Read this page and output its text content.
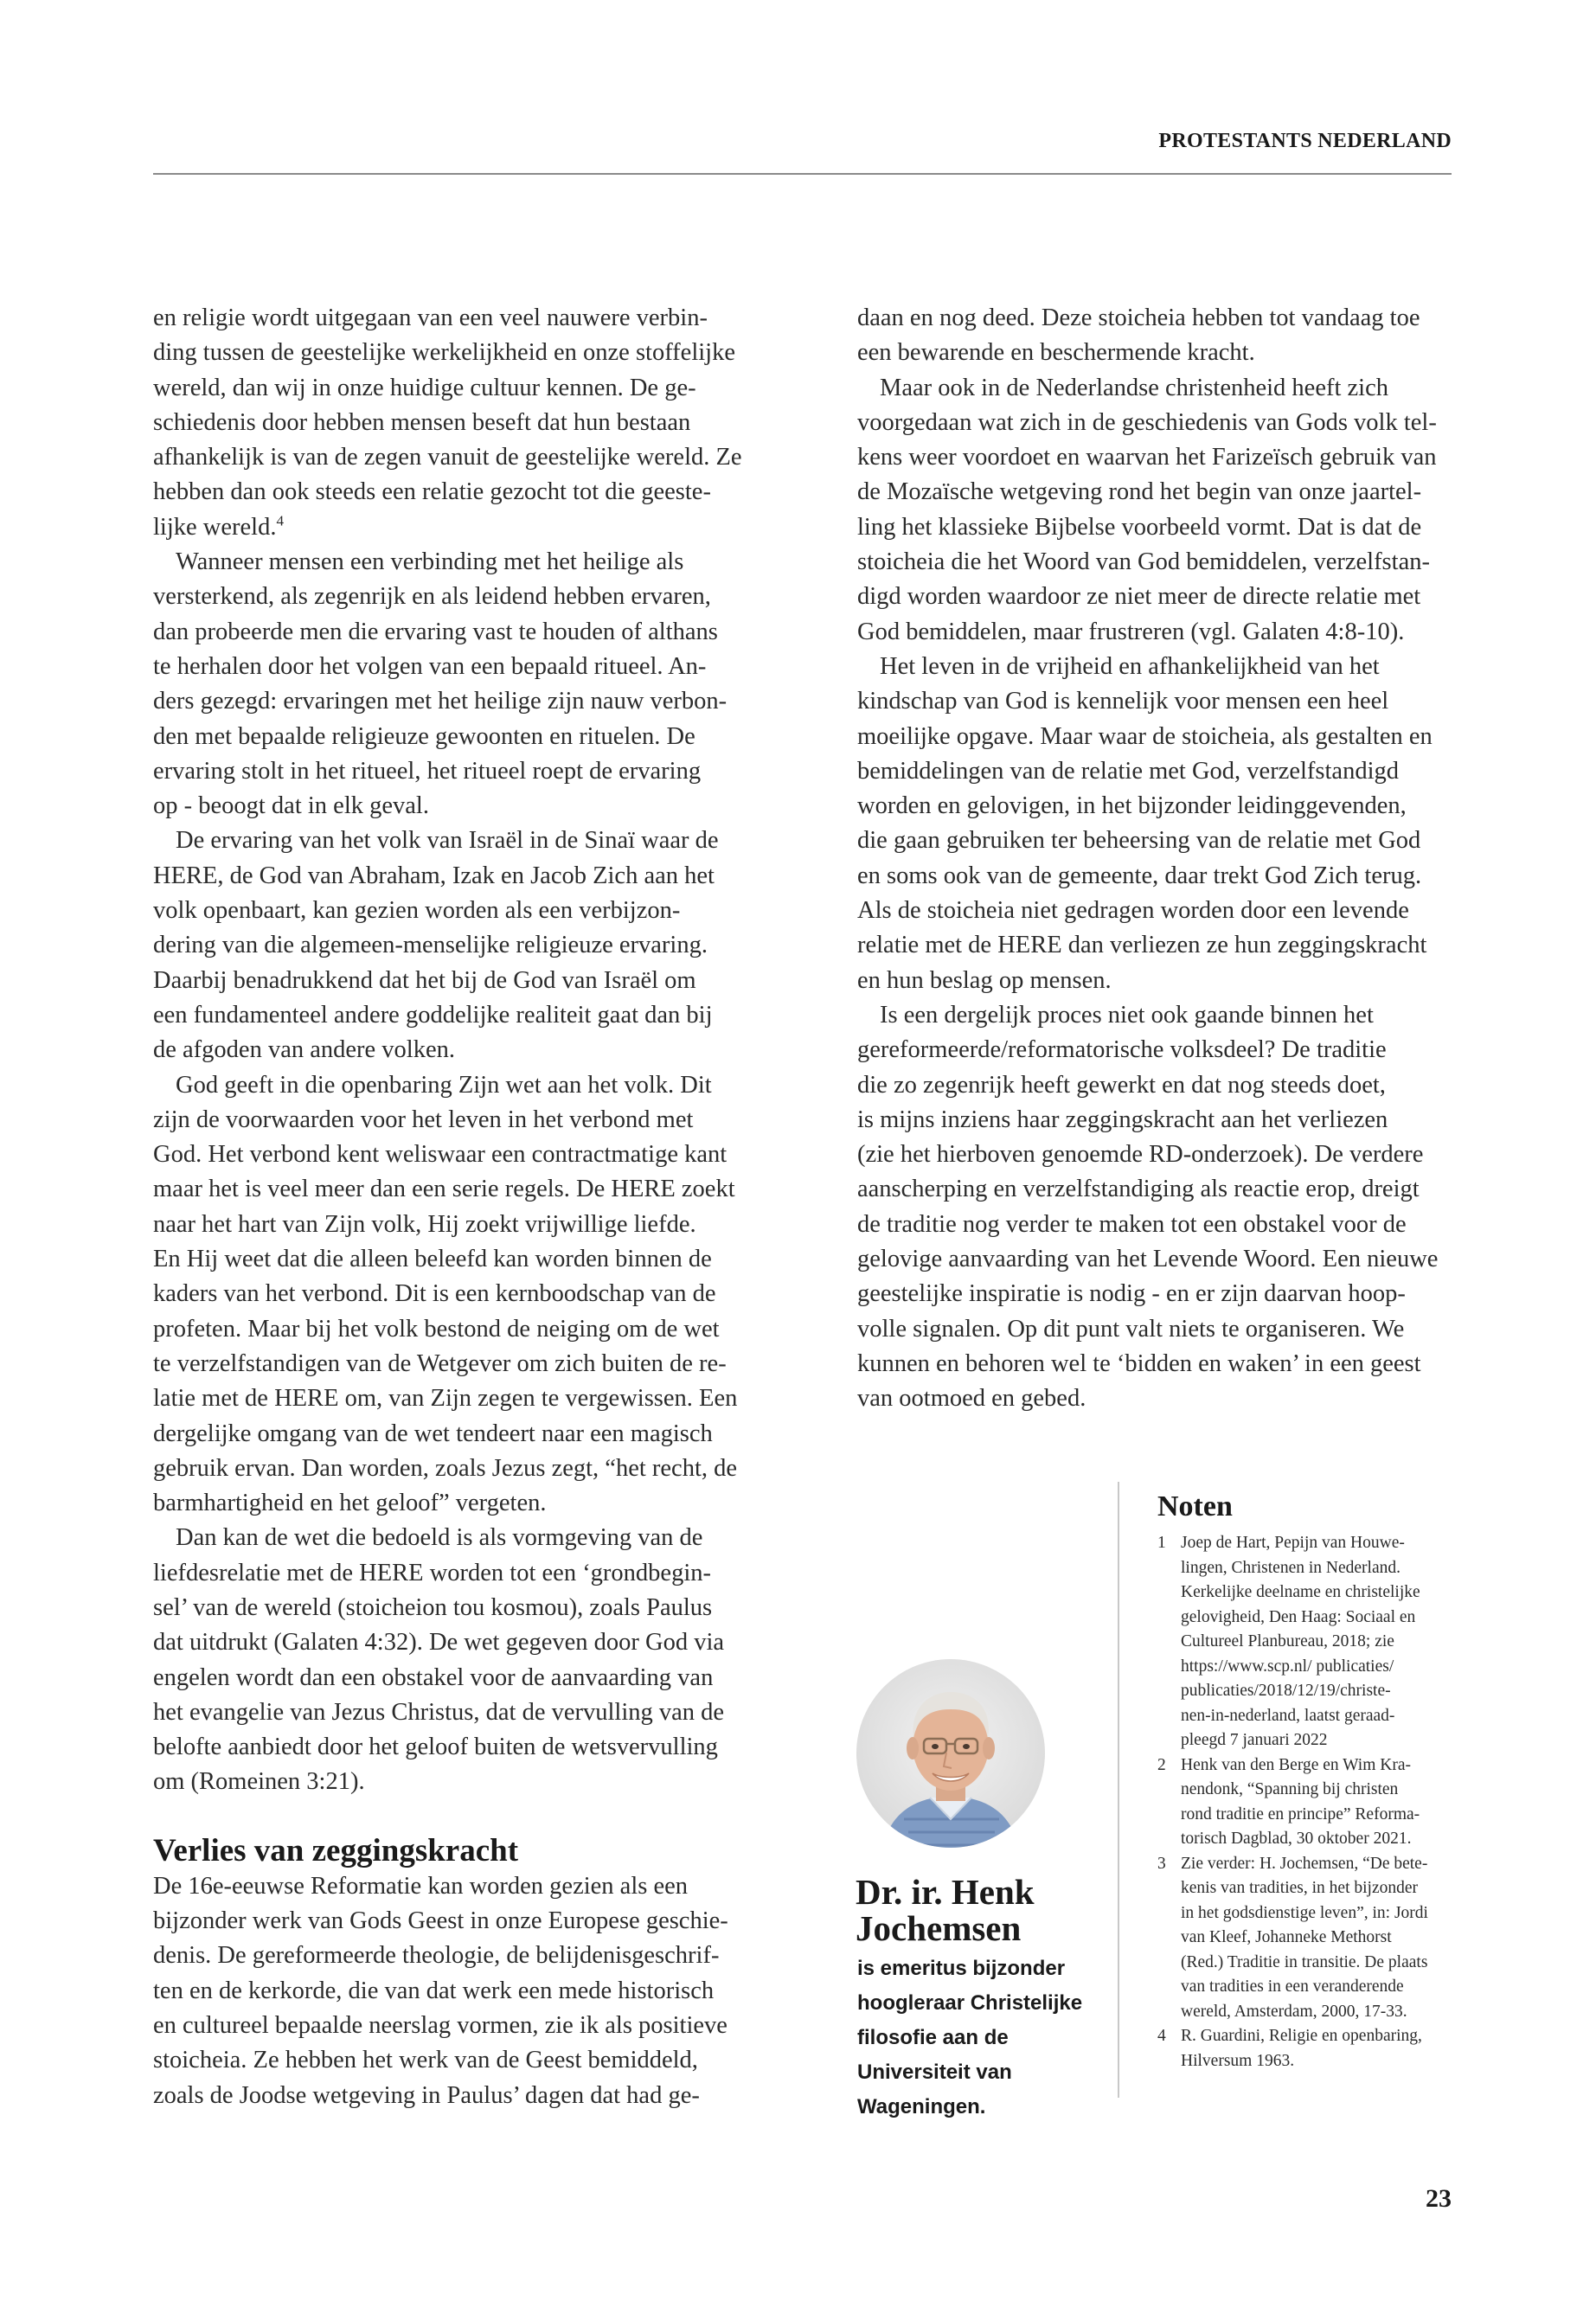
PROTESTANTS NEDERLAND

en religie wordt uitgegaan van een veel nauwere verbin-
ding tussen de geestelijke werkelijkheid en onze stoffelijke
wereld, dan wij in onze huidige cultuur kennen. De ge-
schiedenis door hebben mensen beseft dat hun bestaan
afhankelijk is van de zegen vanuit de geestelijke wereld. Ze
hebben dan ook steeds een relatie gezocht tot die geeste-
lijke wereld.$^4$

Wanneer mensen een verbinding met het heilige als
versterkend, als zegenrijk en als leidend hebben ervaren,
dan probeerde men die ervaring vast te houden of althans
te herhalen door het volgen van een bepaald ritueel. An-
ders gezegd: ervaringen met het heilige zijn nauw verbon-
den met bepaalde religieuze gewoonten en rituelen. De
ervaring stolt in het ritueel, het ritueel roept de ervaring
op - beoogt dat in elk geval.

De ervaring van het volk van Israël in de Sinaï waar de
HERE, de God van Abraham, Izak en Jacob Zich aan het
volk openbaart, kan gezien worden als een verbijzon-
dering van die algemeen-menselijke religieuze ervaring.
Daarbij benadrukkend dat het bij de God van Israël om
een fundamenteel andere goddelijke realiteit gaat dan bij
de afgoden van andere volken.

God geeft in die openbaring Zijn wet aan het volk. Dit
zijn de voorwaarden voor het leven in het verbond met
God. Het verbond kent weliswaar een contractmatige kant
maar het is veel meer dan een serie regels. De HERE zoekt
naar het hart van Zijn volk, Hij zoekt vrijwillige liefde.
En Hij weet dat die alleen beleefd kan worden binnen de
kaders van het verbond. Dit is een kernboodschap van de
profeten. Maar bij het volk bestond de neiging om de wet
te verzelfstandigen van de Wetgever om zich buiten de re-
latie met de HERE om, van Zijn zegen te vergewissen. Een
dergelijke omgang van de wet tendeert naar een magisch
gebruik ervan. Dan worden, zoals Jezus zegt, “het recht, de
barmhartigheid en het geloof” vergeten.

Dan kan de wet die bedoeld is als vormgeving van de
liefdesrelatie met de HERE worden tot een ‘grondbegin-
sel’ van de wereld (stoicheion tou kosmou), zoals Paulus
dat uitdrukt (Galaten 4:32). De wet gegeven door God via
engelen wordt dan een obstakel voor de aanvaarding van
het evangelie van Jezus Christus, dat de vervulling van de
belofte aanbiedt door het geloof buiten de wetsvervulling
om (Romeinen 3:21).

Verlies van zeggingskracht

De 16e-eeuwse Reformatie kan worden gezien als een
bijzonder werk van Gods Geest in onze Europese geschie-
denis. De gereformeerde theologie, de belijdenisgeschrif-
ten en de kerkorde, die van dat werk een mede historisch
en cultureel bepaalde neerslag vormen, zie ik als positieve
stoicheia. Ze hebben het werk van de Geest bemiddeld,
zoals de Joodse wetgeving in Paulus’ dagen dat had ge-

daan en nog deed. Deze stoicheia hebben tot vandaag toe
een bewarende en beschermende kracht.

Maar ook in de Nederlandse christenheid heeft zich
voorgedaan wat zich in de geschiedenis van Gods volk tel-
kens weer voordoet en waarvan het Farizeïsch gebruik van
de Mozaïsche wetgeving rond het begin van onze jaartel-
ling het klassieke Bijbelse voorbeeld vormt. Dat is dat de
stoicheia die het Woord van God bemiddelen, verzelfstan-
digd worden waardoor ze niet meer de directe relatie met
God bemiddelen, maar frustreren (vgl. Galaten 4:8-10).

Het leven in de vrijheid en afhankelijkheid van het
kindschap van God is kennelijk voor mensen een heel
moeilijke opgave. Maar waar de stoicheia, als gestalten en
bemiddelingen van de relatie met God, verzelfstandigd
worden en gelovigen, in het bijzonder leidinggevenden,
die gaan gebruiken ter beheersing van de relatie met God
en soms ook van de gemeente, daar trekt God Zich terug.
Als de stoicheia niet gedragen worden door een levende
relatie met de HERE dan verliezen ze hun zeggingskracht
en hun beslag op mensen.

Is een dergelijk proces niet ook gaande binnen het
gereformeerde/reformatorische volksdeel? De traditie
die zo zegenrijk heeft gewerkt en dat nog steeds doet,
is mijns inziens haar zeggingskracht aan het verliezen
(zie het hierboven genoemde RD-onderzoek). De verdere
aanscherping en verzelfstandiging als reactie erop, dreigt
de traditie nog verder te maken tot een obstakel voor de
gelovige aanvaarding van het Levende Woord. Een nieuwe
geestelijke inspiratie is nodig - en er zijn daarvan hoop-
volle signalen. Op dit punt valt niets te organiseren. We
kunnen en behoren wel te ‘bidden en waken’ in een geest
van ootmoed en gebed.

Dr. ir. Henk Jochemsen
is emeritus bijzonder
hoogleraar Christelijke
filosofie aan de
Universiteit van
Wageningen.
Noten
1 Joep de Hart, Pepijn van Houwe-
lingen, Christenen in Nederland.
Kerkelijke deelname en christelijke
gelovigheid, Den Haag: Sociaal en
Cultureel Planbureau, 2018; zie
https://www.scp.nl/ publicaties/
publicaties/2018/12/19/christe-
nen-in-nederland, laatst geraad-
pleegd 7 januari 2022
2 Henk van den Berge en Wim Kra-
nendonk, “Spanning bij christen
rond traditie en principe” Reforma-
torisch Dagblad, 30 oktober 2021.
3 Zie verder: H. Jochemsen, “De bete-
kenis van tradities, in het bijzonder
in het godsdienstige leven”, in: Jordi
van Kleef, Johanneke Methorst
(Red.) Traditie in transitie. De plaats
van tradities in een veranderende
wereld, Amsterdam, 2000, 17-33.
4 R. Guardini, Religie en openbaring,
Hilversum 1963.
23
